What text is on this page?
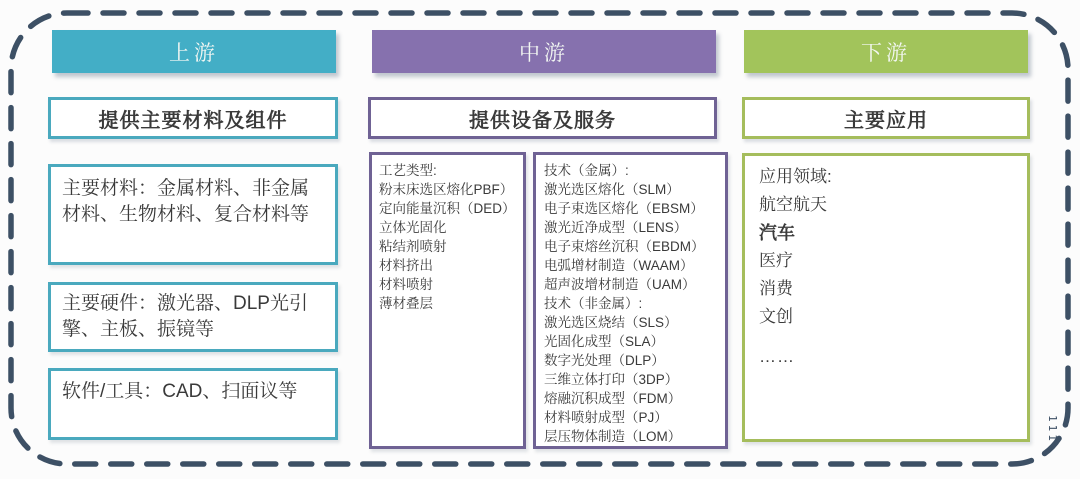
上游
提供主要材料及组件
主要材料：金属材料、非金属材料、生物材料、复合材料等
主要硬件：激光器、DLP光引擎、主板、振镜等
软件/工具：CAD、扫面议等
中游
提供设备及服务
工艺类型:
粉末床选区熔化PBF）
定向能量沉积（DED）
立体光固化
粘结剂喷射
材料挤出
材料喷射
薄材叠层
技术（金属）:
激光选区熔化（SLM）
电子束选区熔化（EBSM）
激光近净成型（LENS）
电子束熔丝沉积（EBDM）
电弧增材制造（WAAM）
超声波增材制造（UAM）
技术（非金属）:
激光选区烧结（SLS）
光固化成型（SLA）
数字光处理（DLP）
三维立体打印（3DP）
熔融沉积成型（FDM）
材料喷射成型（PJ）
层压物体制造（LOM）
下游
主要应用
应用领域:
航空航天
汽车
医疗
消费
文创
……
111
